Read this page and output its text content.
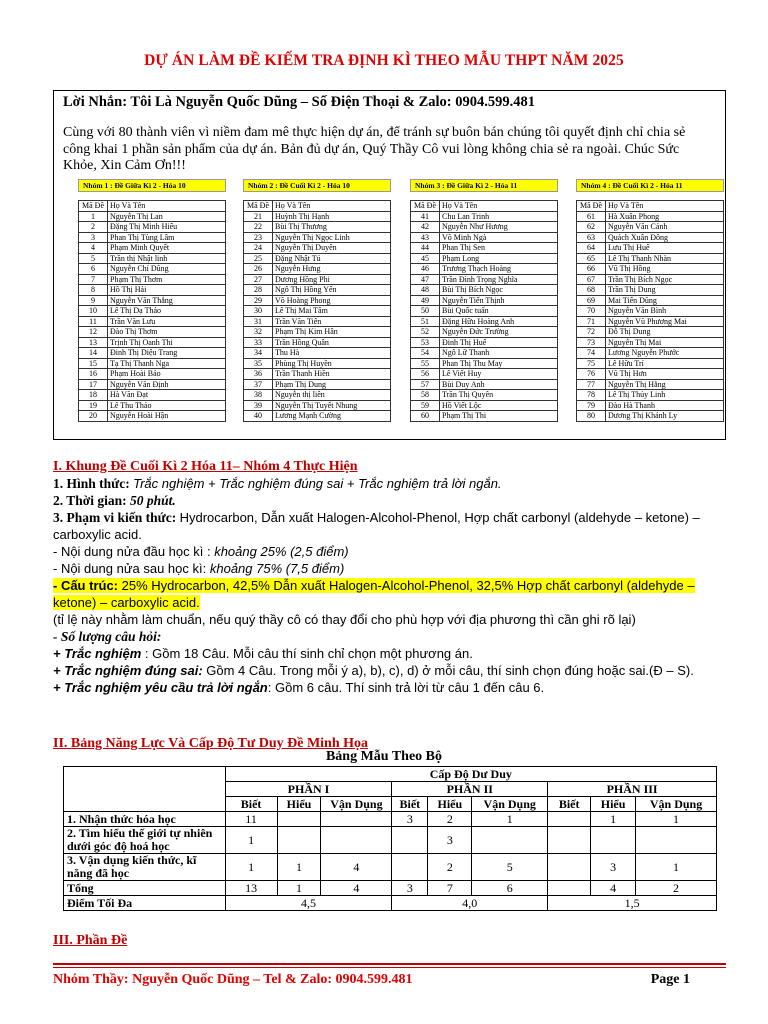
DỰ ÁN LÀM ĐỀ KIẾM TRA ĐỊNH KÌ THEO MẪU THPT NĂM 2025
Lời Nhắn: Tôi Là Nguyễn Quốc Dũng – Số Điện Thoại & Zalo: 0904.599.481

Cùng với 80 thành viên vì niềm đam mê thực hiện dự án, để tránh sự buôn bán chúng tôi quyết định chỉ chia sẻ công khai 1 phần sản phẩm của dự án. Bản đủ dự án, Quý Thầy Cô vui lòng không chia sẻ ra ngoài. Chúc Sức Khỏe, Xin Cảm Ơn!!!

Nhóm 1 : Đề Giữa Kì 2 - Hóa 10
Mã Đề	Họ Và Tên
1	Nguyễn Thị Lan
2	Đặng Thị Minh Hiếu
3	Phan Thị Tùng Lâm
4	Phạm Minh Quyết
5	Trần thị Nhật linh
6	Nguyễn Chí Dũng
7	Phạm Thị Thơm
8	Hồ Thị Hải
9	Nguyễn Văn Thắng
10	Lê Thị Dạ Thảo
11	Trần Văn Lưu
12	Đào Thị Thơm
13	Trịnh Thị Oanh Thi
14	Đinh Thị Diệu Trang
15	Tạ Thị Thanh Nga
16	Phạm Hoài Bảo
17	Nguyễn Văn Định
18	Hà Văn Đạt
19	Lê Thu Thảo
20	Nguyễn Hoài Hận
Nhóm 2 : Đề Cuối Kì 2 - Hóa 10
Mã Đề	Họ Và Tên
21	Huỳnh Thị Hạnh
22	Bùi Thị Thương
23	Nguyễn Thị Ngọc Linh
24	Nguyễn Thị Duyên
25	Đặng Nhật Tú
26	Nguyễn Hưng
27	Dương Hồng Phi
28	Ngô Thị Hồng Yến
29	Võ Hoàng Phong
30	Lê Thị Mai Tâm
31	Trần Văn Tiến
32	Phạm Thị Kim Hân
33	Trần Hồng Quân
34	Thu Hà
35	Phùng Thị Huyền
36	Trần Thanh Hiền
37	Phạm Thị Dung
38	Nguyễn thị liên
39	Nguyễn Thị Tuyết Nhung
40	Lương Mạnh Cường
Nhóm 3 : Đề Giữa Kì 2 - Hóa 11
Mã Đề	Họ Và Tên
41	Chu Lan Trinh
42	Nguyễn Như Hương
43	Võ Minh Ngà
44	Phan Thị Sen
45	Phạm Long
46	Trương Thạch Hoàng
47	Trần Đình Trọng Nghĩa
48	Bùi Thị Bích Ngọc
49	Nguyễn Tiến Thịnh
50	Bùi Quốc tuấn
51	Đặng Hữu Hoàng Anh
52	Nguyễn Đức Trường
53	Đinh Thị Huế
54	Ngô Lữ Thanh
55	Phan Thị Thu May
56	Lê Viết Huy
57	Bùi Duy Anh
58	Trần Thị Quyên
59	Hồ Viết Lộc
60	Phạm Thị Thi
Nhóm 4 : Đề Cuối Kì 2 - Hóa 11
Mã Đề	Họ Và Tên
61	Hà Xuân Phong
62	Nguyễn Văn Cảnh
63	Quách Xuân Đông
64	Lưu Thị Huế
65	Lê Thị Thanh Nhàn
66	Vũ Thị Hồng
67	Trần Thị Bích Ngọc
68	Trần Thị Dung
69	Mai Tiến Dũng
70	Nguyễn Văn Bình
71	Nguyễn Vũ Phương Mai
72	Đỗ Thị Dung
73	Nguyễn Thị Mai
74	Lương Nguyễn Phước
75	Lê Hữu Trí
76	Vũ Thị Hơn
77	Nguyễn Thị Hằng
78	Lê Thị Thủy Linh
79	Đào Hà Thanh
80	Dương Thị Khánh Ly
I. Khung Đề Cuối Kì 2 Hóa 11– Nhóm 4 Thực Hiện
1. Hình thức: Trắc nghiệm + Trắc nghiệm đúng sai + Trắc nghiệm trả lời ngắn.
2. Thời gian: 50 phút.
3. Phạm vi kiến thức: Hydrocarbon, Dẫn xuất Halogen-Alcohol-Phenol, Hợp chất carbonyl (aldehyde – ketone) – carboxylic acid.
- Nội dung nửa đầu học kì : khoảng 25% (2,5 điểm)
- Nội dung nửa sau học kì: khoảng 75% (7,5 điểm)
- Cấu trúc: 25% Hydrocarbon, 42,5% Dẫn xuất Halogen-Alcohol-Phenol, 32,5% Hợp chất carbonyl (aldehyde – ketone) – carboxylic acid.
(tỉ lệ này nhằm làm chuẩn, nếu quý thầy cô có thay đổi cho phù hợp với địa phương thì cần ghi rõ lại)
- Số lượng câu hỏi:
+ Trắc nghiệm : Gồm 18 Câu. Mỗi câu thí sinh chỉ chọn một phương án.
+ Trắc nghiệm đúng sai: Gồm 4 Câu. Trong mỗi ý a), b), c), d) ở mỗi câu, thí sinh chọn đúng hoặc sai.(Đ – S).
+ Trắc nghiệm yêu cầu trả lời ngắn: Gồm 6 câu. Thí sinh trả lời từ câu 1 đến câu 6.
II. Bảng Năng Lực Và Cấp Độ Tư Duy Đề Minh Họa
Bảng Mẫu Theo Bộ
	Cấp Độ Dư Duy								
	PHẦN I			PHẦN II			PHẦN III		
	Biết	Hiểu	Vận Dụng	Biết	Hiểu	Vận Dụng	Biết	Hiểu	Vận Dụng
1. Nhận thức hóa học	11			3	2	1		1	1
2. Tìm hiểu thế giới tự nhiên dưới góc độ hoá học	1				3				
3. Vận dụng kiến thức, kĩ năng đã học	1	1	4		2	5		3	1
Tổng	13	1	4	3	7	6		4	2
Điểm Tối Đa	4,5			4,0			1,5		
III. Phần Đề
Nhóm Thầy: Nguyễn Quốc Dũng – Tel & Zalo: 0904.599.481	Page 1
